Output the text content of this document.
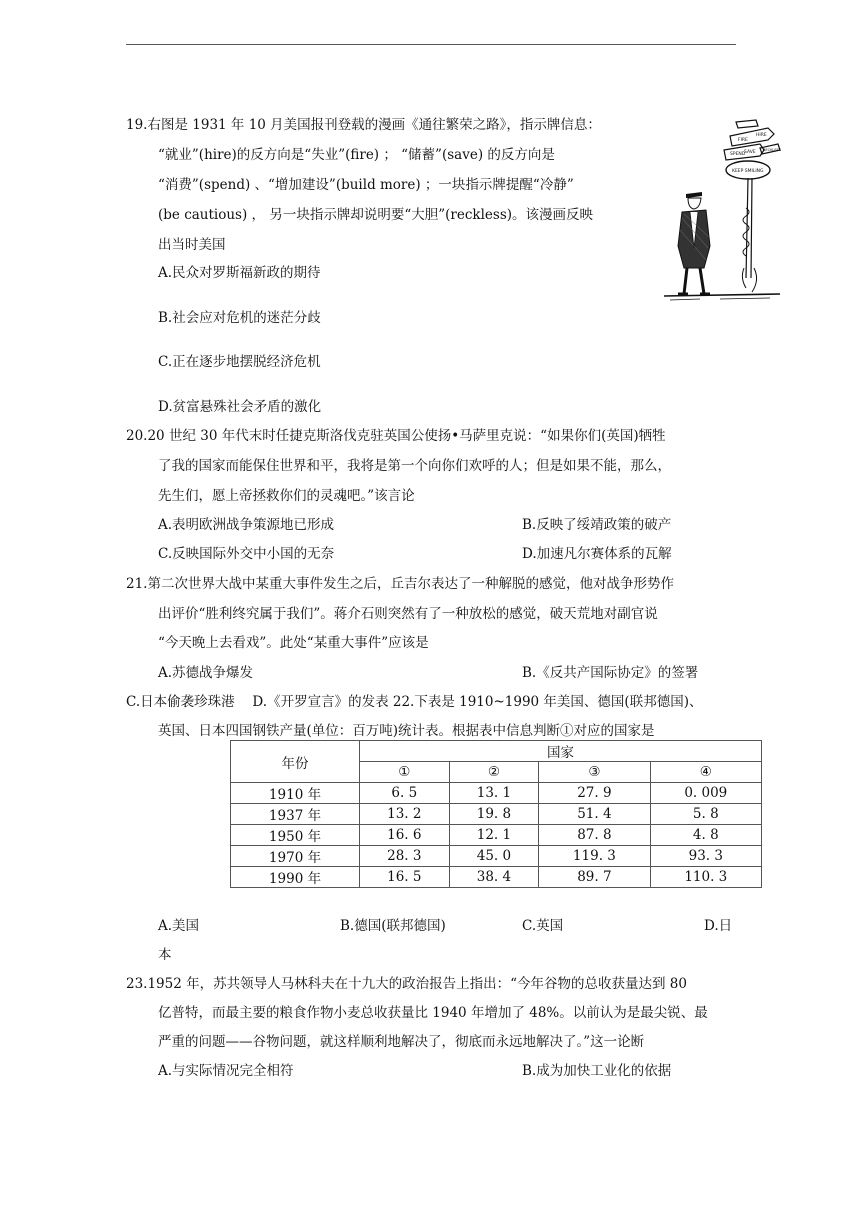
19.右图是 1931 年 10 月美国报刊登载的漫画《通往繁荣之路》，指示牌信息：
“就业”(hire)的反方向是“失业”(fire) ； “储蓄”(save) 的反方向是
“消费”(spend) 、“增加建设”(build more) ；一块指示牌提醒“冷静”
(be cautious) ， 另一块指示牌却说明要“大胆”(reckless)。该漫画反映
出当时美国
A.民众对罗斯福新政的期待
B.社会应对危机的迷茫分歧
C.正在逐步地摆脱经济危机
D.贫富悬殊社会矛盾的激化
FIRE
HIRE
SPEND
SAVE
KEEP SMILING
RECKLESS
20.20 世纪 30 年代末时任捷克斯洛伐克驻英国公使扬•马萨里克说：“如果你们(英国)牺牲
了我的国家而能保住世界和平，我将是第一个向你们欢呼的人；但是如果不能，那么，
先生们，愿上帝拯救你们的灵魂吧。”该言论
A.表明欧洲战争策源地已形成	B.反映了绥靖政策的破产
C.反映国际外交中小国的无奈	D.加速凡尔赛体系的瓦解
21.第二次世界大战中某重大事件发生之后，丘吉尔表达了一种解脱的感觉，他对战争形势作
出评价“胜利终究属于我们”。蒋介石则突然有了一种放松的感觉，破天荒地对副官说
“今天晚上去看戏”。此处“某重大事件”应该是
A.苏德战争爆发	B.《反共产国际协定》的签署
C.日本偷袭珍珠港　 D.《开罗宣言》的发表 22.下表是 1910~1990 年美国、德国(联邦德国)、
英国、日本四国钢铁产量(单位：百万吨)统计表。根据表中信息判断①对应的国家是
年份	国家			
	①	②	③	④
1910 年	6. 5	13. 1	27. 9	0. 009
1937 年	13. 2	19. 8	51. 4	5. 8
1950 年	16. 6	12. 1	87. 8	4. 8
1970 年	28. 3	45. 0	119. 3	93. 3
1990 年	16. 5	38. 4	89. 7	110. 3
A.美国	B.德国(联邦德国)	C.英国	D.日
本
23.1952 年，苏共领导人马林科夫在十九大的政治报告上指出：“今年谷物的总收获量达到 80
亿普特，而最主要的粮食作物小麦总收获量比 1940 年增加了 48%。以前认为是最尖锐、最
严重的问题——谷物问题，就这样顺利地解决了，彻底而永远地解决了。”这一论断
A.与实际情况完全相符	B.成为加快工业化的依据
